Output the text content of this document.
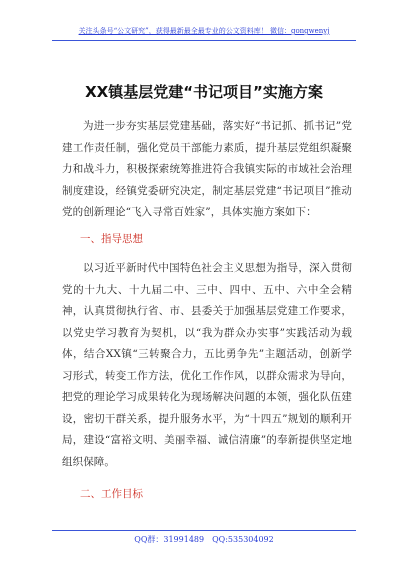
关注头条号“公文研究”，获得最新最全最专业的公文资料库！ 微信：gongwenyj
XX镇基层党建“书记项目”实施方案

为进一步夯实基层党建基础，落实好“书记抓、抓书记”党建工作责任制，强化党员干部能力素质，提升基层党组织凝聚力和战斗力，积极探索统筹推进符合我镇实际的市域社会治理制度建设，经镇党委研究决定，制定基层党建“书记项目”推动党的创新理论“飞入寻常百姓家”，具体实施方案如下：

一、指导思想

以习近平新时代中国特色社会主义思想为指导，深入贯彻党的十九大、十九届二中、三中、四中、五中、六中全会精神，认真贯彻执行省、市、县委关于加强基层党建工作要求，以党史学习教育为契机，以“我为群众办实事”实践活动为载体，结合XX镇“三转聚合力，五比勇争先”主题活动，创新学习形式，转变工作方法，优化工作作风，以群众需求为导向，把党的理论学习成果转化为现场解决问题的本领，强化队伍建设，密切干群关系，提升服务水平，为“十四五”规划的顺利开局，建设“富裕文明、美丽幸福、诚信清廉”的奉新提供坚定地组织保障。

二、工作目标
QQ群：31991489 QQ:535304092
